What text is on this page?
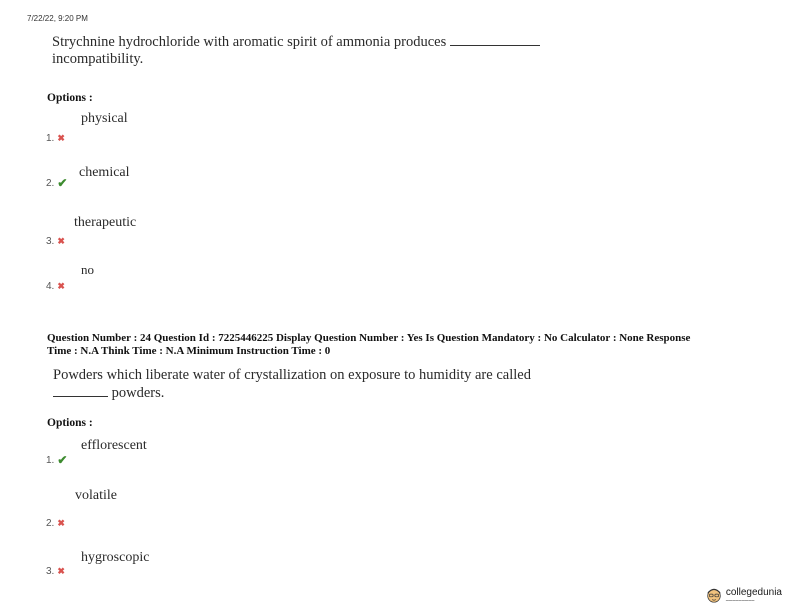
7/22/22, 9:20 PM
Strychnine hydrochloride with aromatic spirit of ammonia produces
incompatibility.
Options :
physical
1. ✖
chemical
2. ✔
therapeutic
3. ✖
no
4. ✖
Question Number : 24 Question Id : 7225446225 Display Question Number : Yes Is Question Mandatory : No Calculator : None Response
Time : N.A Think Time : N.A Minimum Instruction Time : 0
Powders which liberate water of crystallization on exposure to humidity are called
powders.
Options :
efflorescent
1. ✔
volatile
2. ✖
hygroscopic
3. ✖
collegedunia
▬▬▬▬▬▬▬▬▬
